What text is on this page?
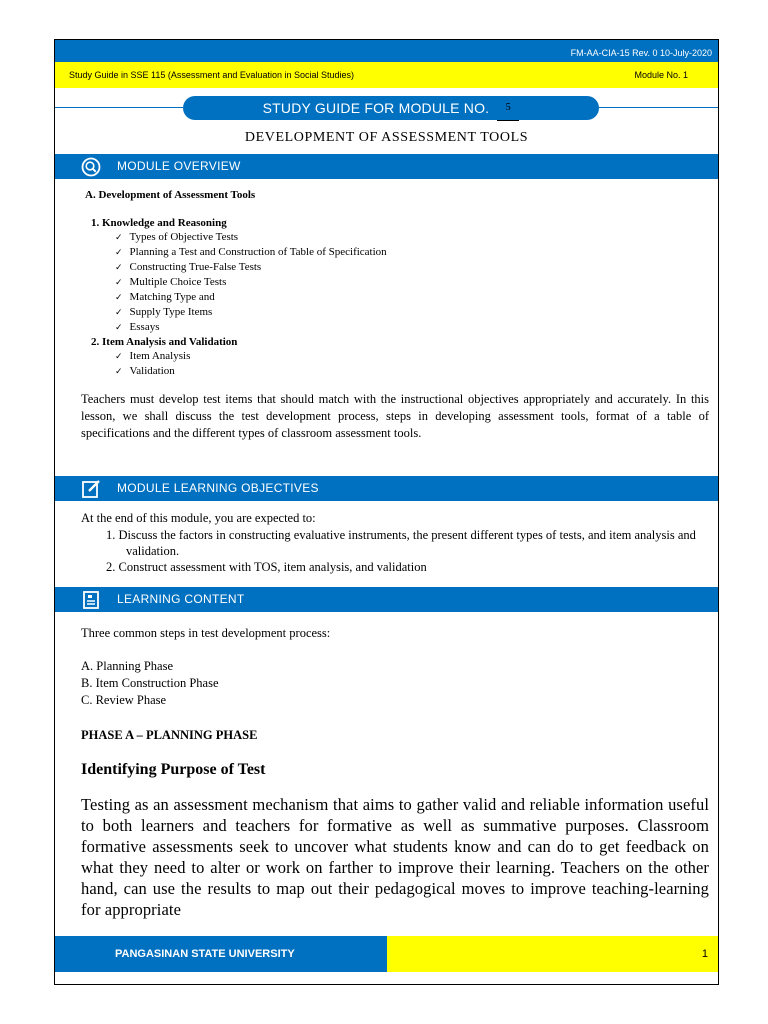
FM-AA-CIA-15 Rev. 0 10-July-2020
Study Guide in SSE 115 (Assessment and Evaluation in Social Studies)	Module No. 1
STUDY GUIDE FOR MODULE NO. 5
DEVELOPMENT OF ASSESSMENT TOOLS
MODULE OVERVIEW
A. Development of Assessment Tools
1. Knowledge and Reasoning
✓ Types of Objective Tests
✓ Planning a Test and Construction of Table of Specification
✓ Constructing True-False Tests
✓ Multiple Choice Tests
✓ Matching Type and
✓ Supply Type Items
✓ Essays
2. Item Analysis and Validation
✓ Item Analysis
✓ Validation

Teachers must develop test items that should match with the instructional objectives appropriately and accurately. In this lesson, we shall discuss the test development process, steps in developing assessment tools, format of a table of specifications and the different types of classroom assessment tools.

MODULE LEARNING OBJECTIVES
At the end of this module, you are expected to:
1. Discuss the factors in constructing evaluative instruments, the present different types of tests, and item analysis and validation.
2. Construct assessment with TOS, item analysis, and validation
LEARNING CONTENT
Three common steps in test development process:
A. Planning Phase
B. Item Construction Phase
C. Review Phase
PHASE A – PLANNING PHASE
Identifying Purpose of Test

Testing as an assessment mechanism that aims to gather valid and reliable information useful to both learners and teachers for formative as well as summative purposes. Classroom formative assessments seek to uncover what students know and can do to get feedback on what they need to alter or work on farther to improve their learning. Teachers on the other hand, can use the results to map out their pedagogical moves to improve teaching-learning for appropriate

PANGASINAN STATE UNIVERSITY	1
